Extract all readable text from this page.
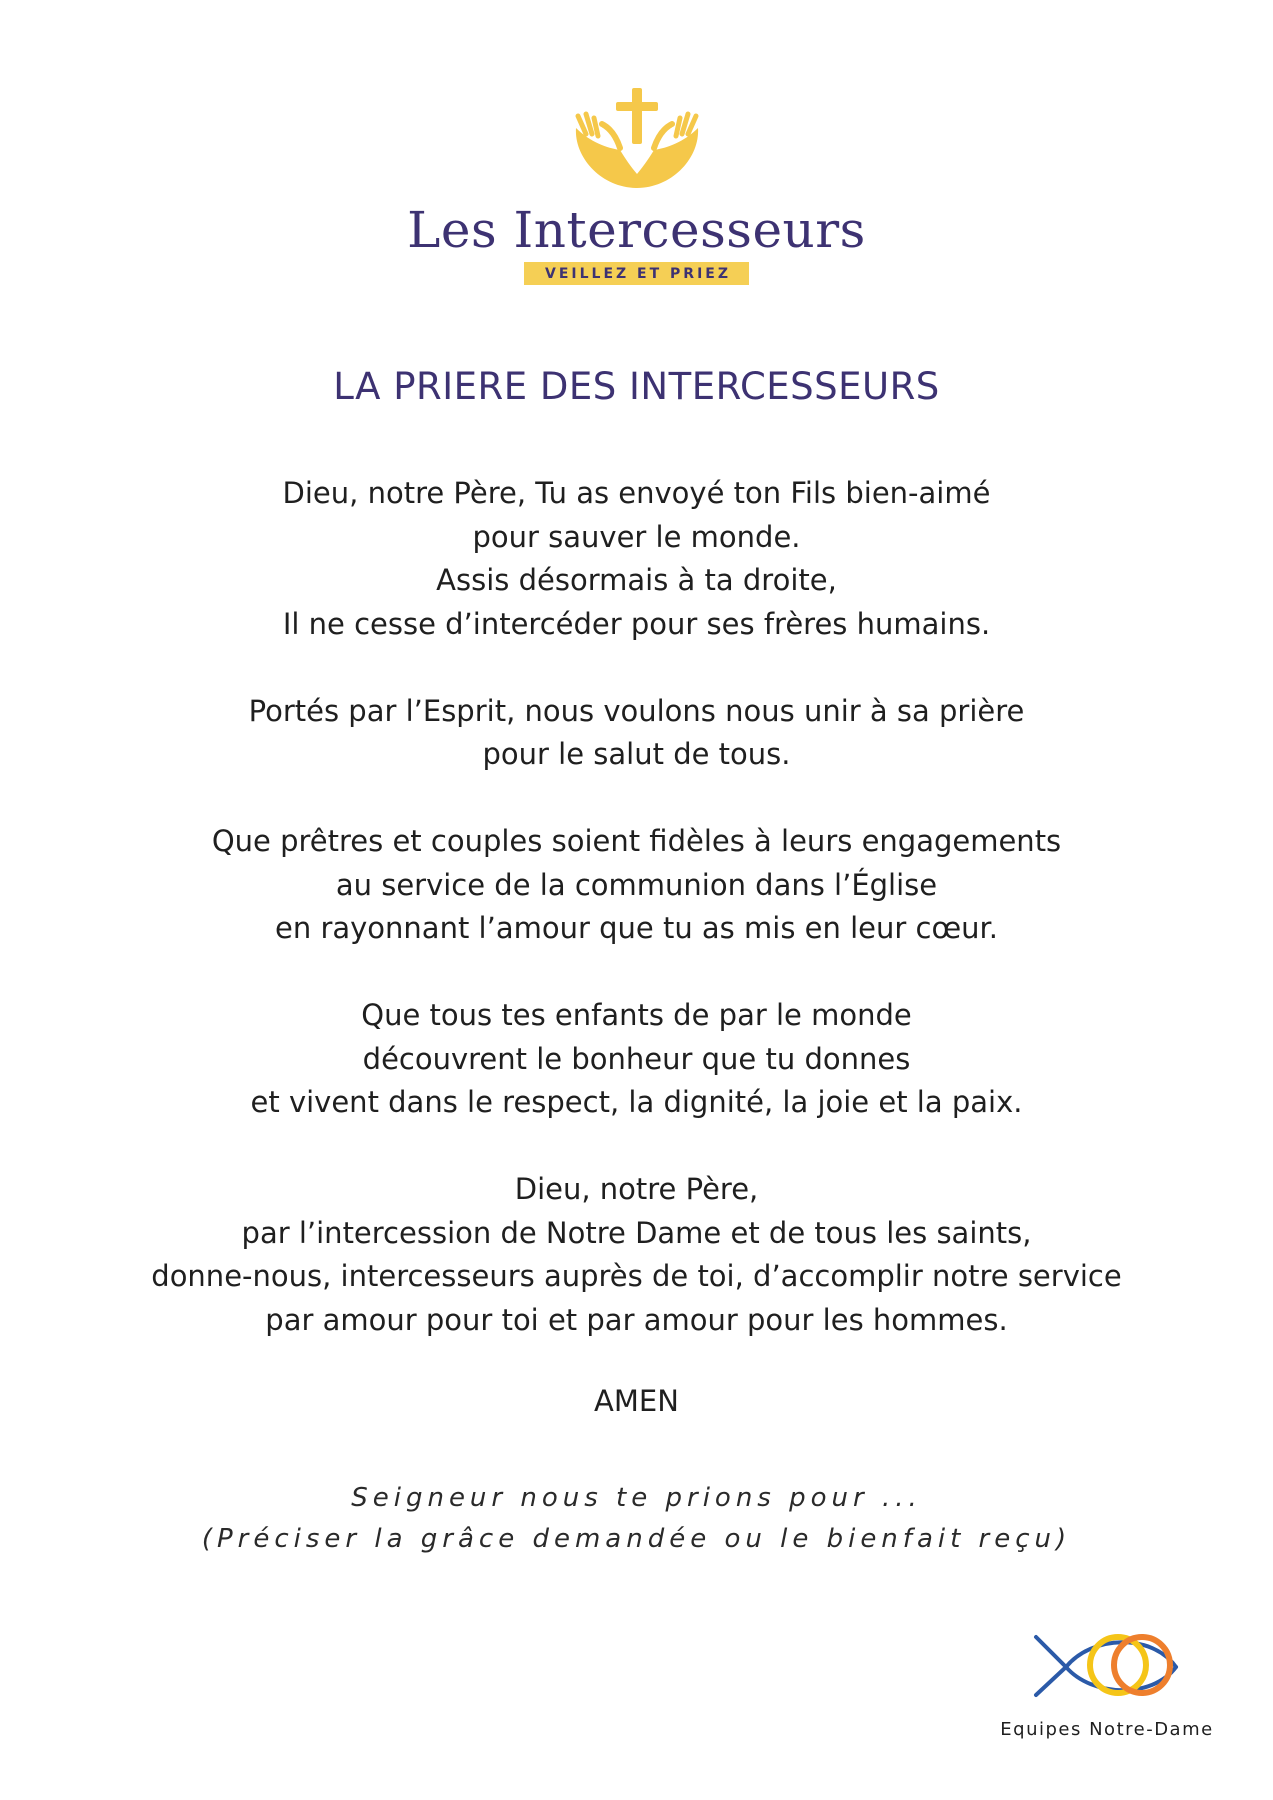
Les Intercesseurs
VEILLEZ ET PRIEZ
LA PRIERE DES INTERCESSEURS
Dieu, notre Père, Tu as envoyé ton Fils bien-aimé
pour sauver le monde.
Assis désormais à ta droite,
Il ne cesse d’intercéder pour ses frères humains.
Portés par l’Esprit, nous voulons nous unir à sa prière
pour le salut de tous.
Que prêtres et couples soient fidèles à leurs engagements
au service de la communion dans l’Église
en rayonnant l’amour que tu as mis en leur cœur.
Que tous tes enfants de par le monde
découvrent le bonheur que tu donnes
et vivent dans le respect, la dignité, la joie et la paix.
Dieu, notre Père,
par l’intercession de Notre Dame et de tous les saints,
donne-nous, intercesseurs auprès de toi, d’accomplir notre service
par amour pour toi et par amour pour les hommes.
AMEN
Seigneur nous te prions pour ...
(Préciser la grâce demandée ou le bienfait reçu)
Equipes Notre-Dame
